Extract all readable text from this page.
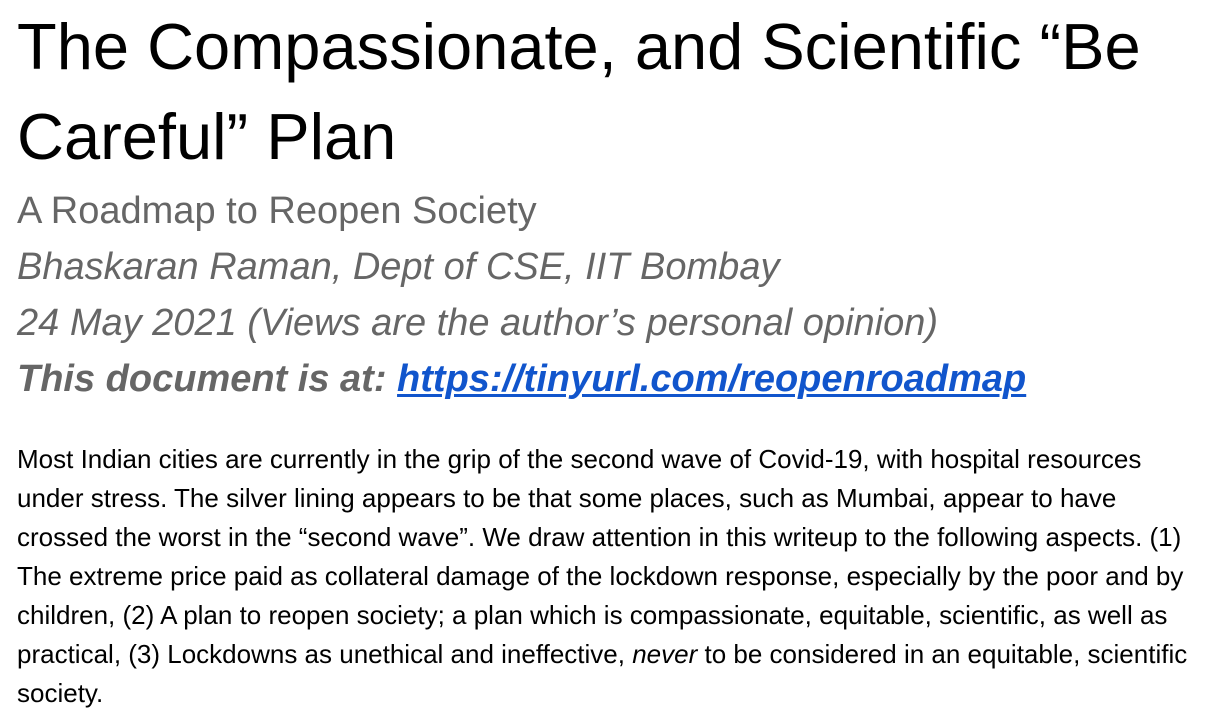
The Compassionate, and Scientific “Be
Careful” Plan
A Roadmap to Reopen Society
Bhaskaran Raman, Dept of CSE, IIT Bombay
24 May 2021 (Views are the author’s personal opinion)
This document is at: https://tinyurl.com/reopenroadmap

Most Indian cities are currently in the grip of the second wave of Covid-19, with hospital resources under stress. The silver lining appears to be that some places, such as Mumbai, appear to have crossed the worst in the “second wave”. We draw attention in this writeup to the following aspects. (1) The extreme price paid as collateral damage of the lockdown response, especially by the poor and by children, (2) A plan to reopen society; a plan which is compassionate, equitable, scientific, as well as practical, (3) Lockdowns as unethical and ineffective, never to be considered in an equitable, scientific society.
